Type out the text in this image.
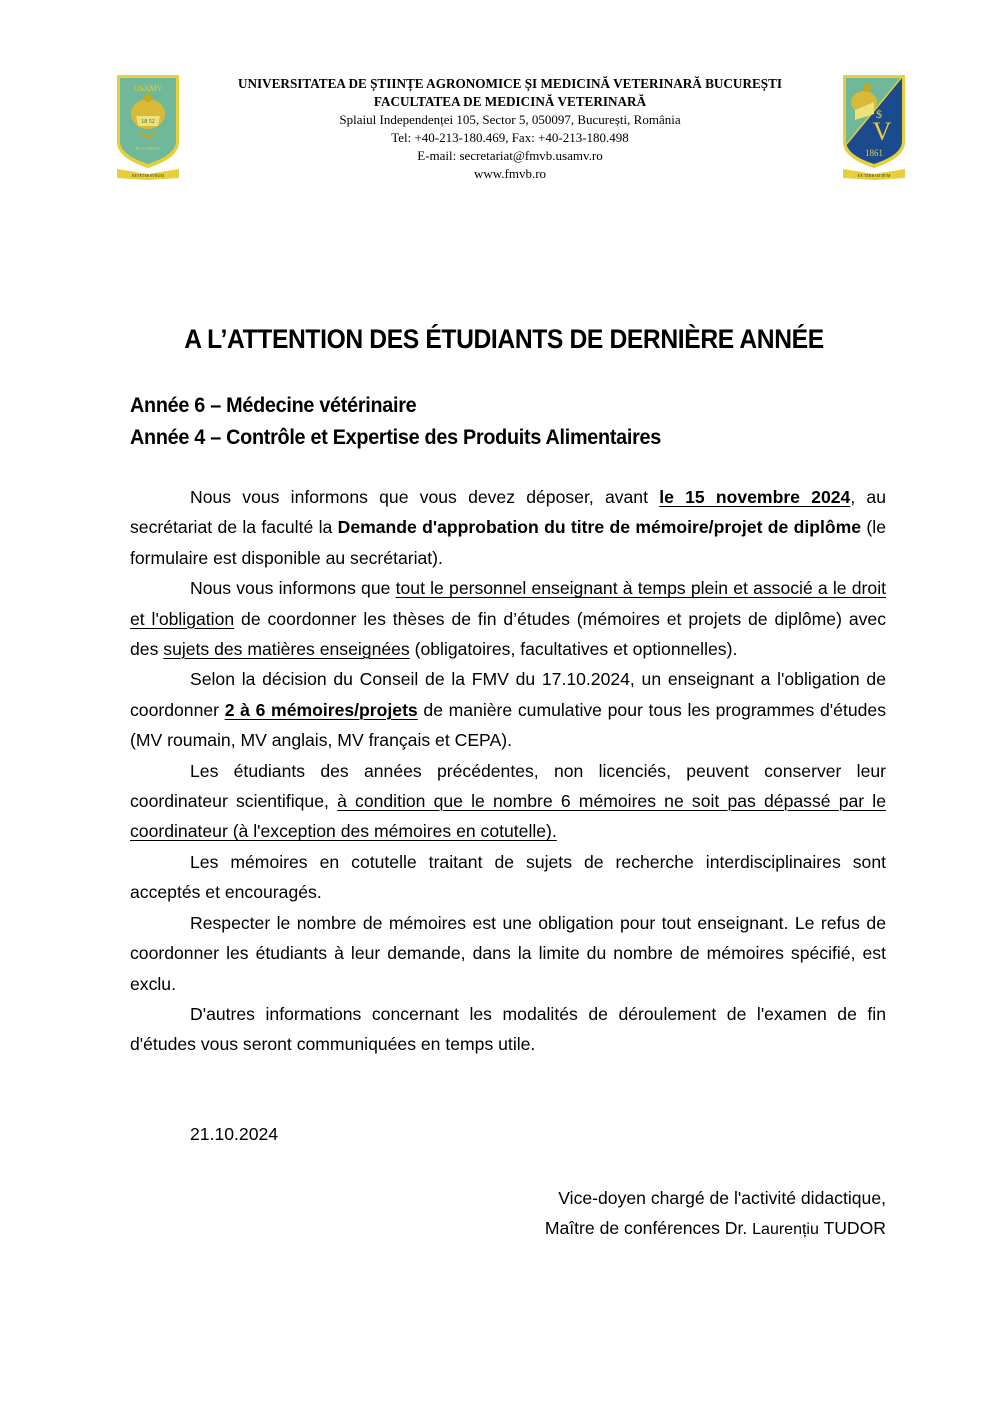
USAMV
18 52
BUCURESTI
RETETERAVRUM
UNIVERSITATEA DE ȘTIINȚE AGRONOMICE ȘI MEDICINĂ VETERINARĂ BUCUREȘTI
FACULTATEA DE MEDICINĂ VETERINARĂ
Splaiul Independenței 105, Sector 5, 050097, București, România
Tel: +40-213-180.469, Fax: +40-213-180.498
E-mail: secretariat@fmvb.usamv.ro
www.fmvb.ro
V
$
1861
EX TERRAM RVM
A L’ATTENTION DES ÉTUDIANTS DE DERNIÈRE ANNÉE
Année 6 – Médecine vétérinaire
Année 4 – Contrôle et Expertise des Produits Alimentaires

Nous vous informons que vous devez déposer, avant le 15 novembre 2024, au secrétariat de la faculté la Demande d'approbation du titre de mémoire/projet de diplôme (le formulaire est disponible au secrétariat).

Nous vous informons que tout le personnel enseignant à temps plein et associé a le droit et l'obligation de coordonner les thèses de fin d’études (mémoires et projets de diplôme) avec des sujets des matières enseignées (obligatoires, facultatives et optionnelles).

Selon la décision du Conseil de la FMV du 17.10.2024, un enseignant a l'obligation de coordonner 2 à 6 mémoires/projets de manière cumulative pour tous les programmes d'études (MV roumain, MV anglais, MV français et CEPA).

Les étudiants des années précédentes, non licenciés, peuvent conserver leur coordinateur scientifique, à condition que le nombre 6 mémoires ne soit pas dépassé par le coordinateur (à l'exception des mémoires en cotutelle).

Les mémoires en cotutelle traitant de sujets de recherche interdisciplinaires sont acceptés et encouragés.

Respecter le nombre de mémoires est une obligation pour tout enseignant. Le refus de coordonner les étudiants à leur demande, dans la limite du nombre de mémoires spécifié, est exclu.

D'autres informations concernant les modalités de déroulement de l'examen de fin d'études vous seront communiquées en temps utile.

21.10.2024
Vice-doyen chargé de l'activité didactique,
Maître de conférences Dr. Laurențiu TUDOR
